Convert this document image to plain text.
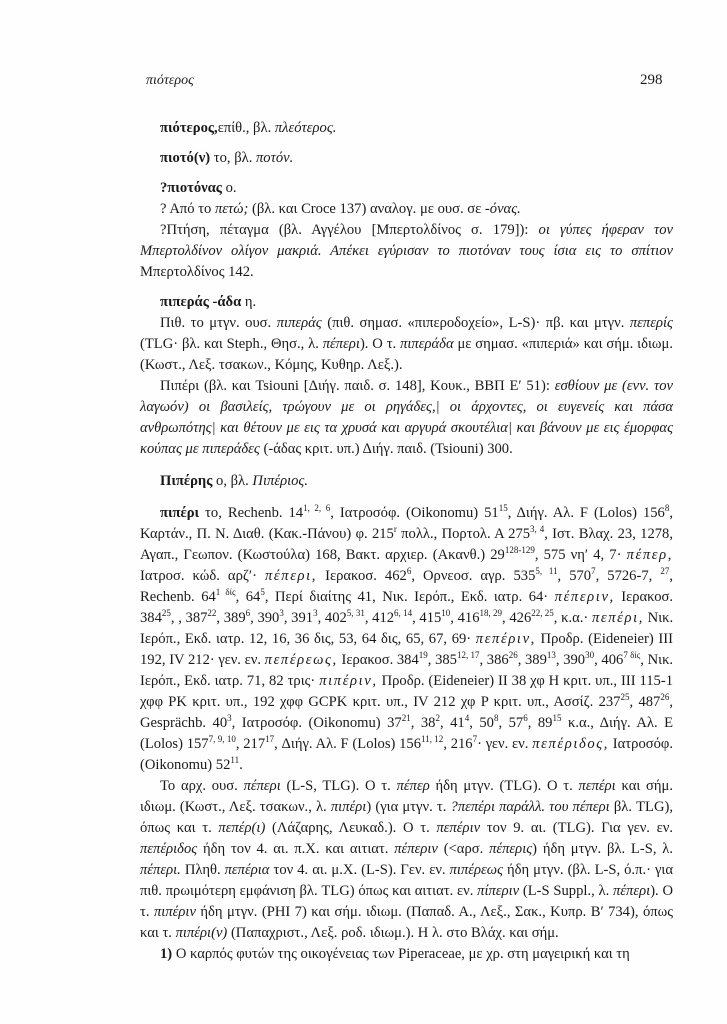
πιότερος	298

πιότερος,επίθ., βλ. πλεότερος.

πιοτό(ν) το, βλ. ποτόν.

?πιοτόνας ο.

? Από το πετώ; (βλ. και Croce 137) αναλογ. με ουσ. σε -όνας.

?Πτήση, πέταγμα (βλ. Αγγέλου [Μπερτολδίνος σ. 179]): οι γύπες ήφεραν τον Μπερτολδίνον ολίγον μακριά. Απέκει εγύρισαν το πιοτόναν τους ίσια εις το σπίτιον Μπερτολδίνος 142.

πιπεράς -άδα η.

Πιθ. το μτγν. ουσ. πιπεράς (πιθ. σημασ. «πιπεροδοχείο», L-S)· πβ. και μτγν. πεπερίς (TLG· βλ. και Steph., Θησ., λ. πέπερι). Ο τ. πιπεράδα με σημασ. «πιπεριά» και σήμ. ιδιωμ. (Κωστ., Λεξ. τσακων., Κόμης, Κυθηρ. Λεξ.).

Πιπέρι (βλ. και Tsiouni [Διήγ. παιδ. σ. 148], Κουκ., ΒΒΠ Ε′ 51): εσθίουν με (ενν. τον λαγωόν) οι βασιλείς, τρώγουν με οι ρηγάδες,| οι άρχοντες, οι ευγενείς και πάσα ανθρωπότης| και θέτουν με εις τα χρυσά και αργυρά σκουτέλια| και βάνουν με εις έμορφας κούπας με πιπεράδες (-άδας κριτ. υπ.) Διήγ. παιδ. (Tsiouni) 300.

Πιπέρης ο, βλ. Πιπέριος.

πιπέρι το, Rechenb. 14$^{1, 2, 6}$, Ιατροσόφ. (Oikonomu) $51^{15}$, Διήγ. Αλ. F (Lolos) $156^8$, Καρτάν., Π. Ν. Διαθ. (Κακ.-Πάνου) φ. 215$^r$ πολλ., Πορτολ. Α 275$^{3, 4}$, Ιστ. Βλαχ. 23, 1278, Αγαπ., Γεωπον. (Κωστούλα) 168, Βακτ. αρχιερ. (Ακανθ.) 29$^{128-129}$, 575 νη′ 4, 7· πέπερ, Ιατροσ. κώδ. αρζ′· πέπερι, Ιερακοσ. $462^6$, Ορνεοσ. αγρ. 535$^{5, 11}$, $570^7$, 5726-7, $^{27}$, Rechenb. $64^{1 \delta ί\varsigma}$, $64^5$, Περί διαίτης 41, Νικ. Ιερόπ., Εκδ. ιατρ. 64· πέπεριν, Ιερακοσ. $384^{25}$, , $387^{22}$, $389^6$, $390^3$, $391^3$, 402$^{5, 31}$, 412$^{6, 14}$, $415^{10}$, 416$^{18, 29}$, 426$^{22, 25}$, κ.α.· πεπέρι, Νικ. Ιερόπ., Εκδ. ιατρ. 12, 16, 36 δις, 53, 64 δις, 65, 67, 69· πεπέριν, Προδρ. (Eideneier) III 192, IV 212· γεν. εν. πεπέρεως, Ιερακοσ. $384^{19}$, 385$^{12, 17}$, $386^{26}$, $389^{13}$, $390^{30}$, $406^{7 \delta ί\varsigma}$, Νικ. Ιερόπ., Εκδ. ιατρ. 71, 82 τρις· πιπέριν, Προδρ. (Eideneier) II 38 χφ H κριτ. υπ., III 115-1 χφφ PK κριτ. υπ., 192 χφφ GCPK κριτ. υπ., IV 212 χφ P κριτ. υπ., Ασσίζ. $237^{25}$, $487^{26}$, Gesprächb. $40^3$, Ιατροσόφ. (Oikonomu) $37^{21}$, $38^2$, $41^4$, $50^8$, $57^6$, $89^{15}$ κ.α., Διήγ. Αλ. E (Lolos) 157$^{7, 9, 10}$, $217^{17}$, Διήγ. Αλ. F (Lolos) 156$^{11, 12}$, $216^7\cdot \gamma\varepsilon\nu$. εν. πεπέριδος, Ιατροσόφ. (Oikonomu) $52^{11}$.

Το αρχ. ουσ. πέπερι (L-S, TLG). Ο τ. πέπερ ήδη μτγν. (TLG). Ο τ. πεπέρι και σήμ. ιδιωμ. (Κωστ., Λεξ. τσακων., λ. πιπέρι) (για μτγν. τ. ?πεπέρι παράλλ. του πέπερι βλ. TLG), όπως και τ. πεπέρ(ι) (Λάζαρης, Λευκαδ.). Ο τ. πεπέριν τον 9. αι. (TLG). Για γεν. εν. πεπέριδος ήδη τον 4. αι. π.Χ. και αιτιατ. πέπεριν (<αρσ. πέπερις) ήδη μτγν. βλ. L-S, λ. πέπερι. Πληθ. πεπέρια τον 4. αι. μ.Χ. (L-S). Γεν. εν. πιπέρεως ήδη μτγν. (βλ. L-S, ό.π.· για πιθ. πρωιμότερη εμφάνιση βλ. TLG) όπως και αιτιατ. εν. πίπεριν (L-S Suppl., λ. πέπερι). Ο τ. πιπέριν ήδη μτγν. (PHI 7) και σήμ. ιδιωμ. (Παπαδ. Α., Λεξ., Σακ., Κυπρ. Β′ 734), όπως και τ. πιπέρι(ν) (Παπαχριστ., Λεξ. ροδ. ιδιωμ.). Η λ. στο Βλάχ. και σήμ.

1) Ο καρπός φυτών της οικογένειας των Piperaceae, με χρ. στη μαγειρική και τη
